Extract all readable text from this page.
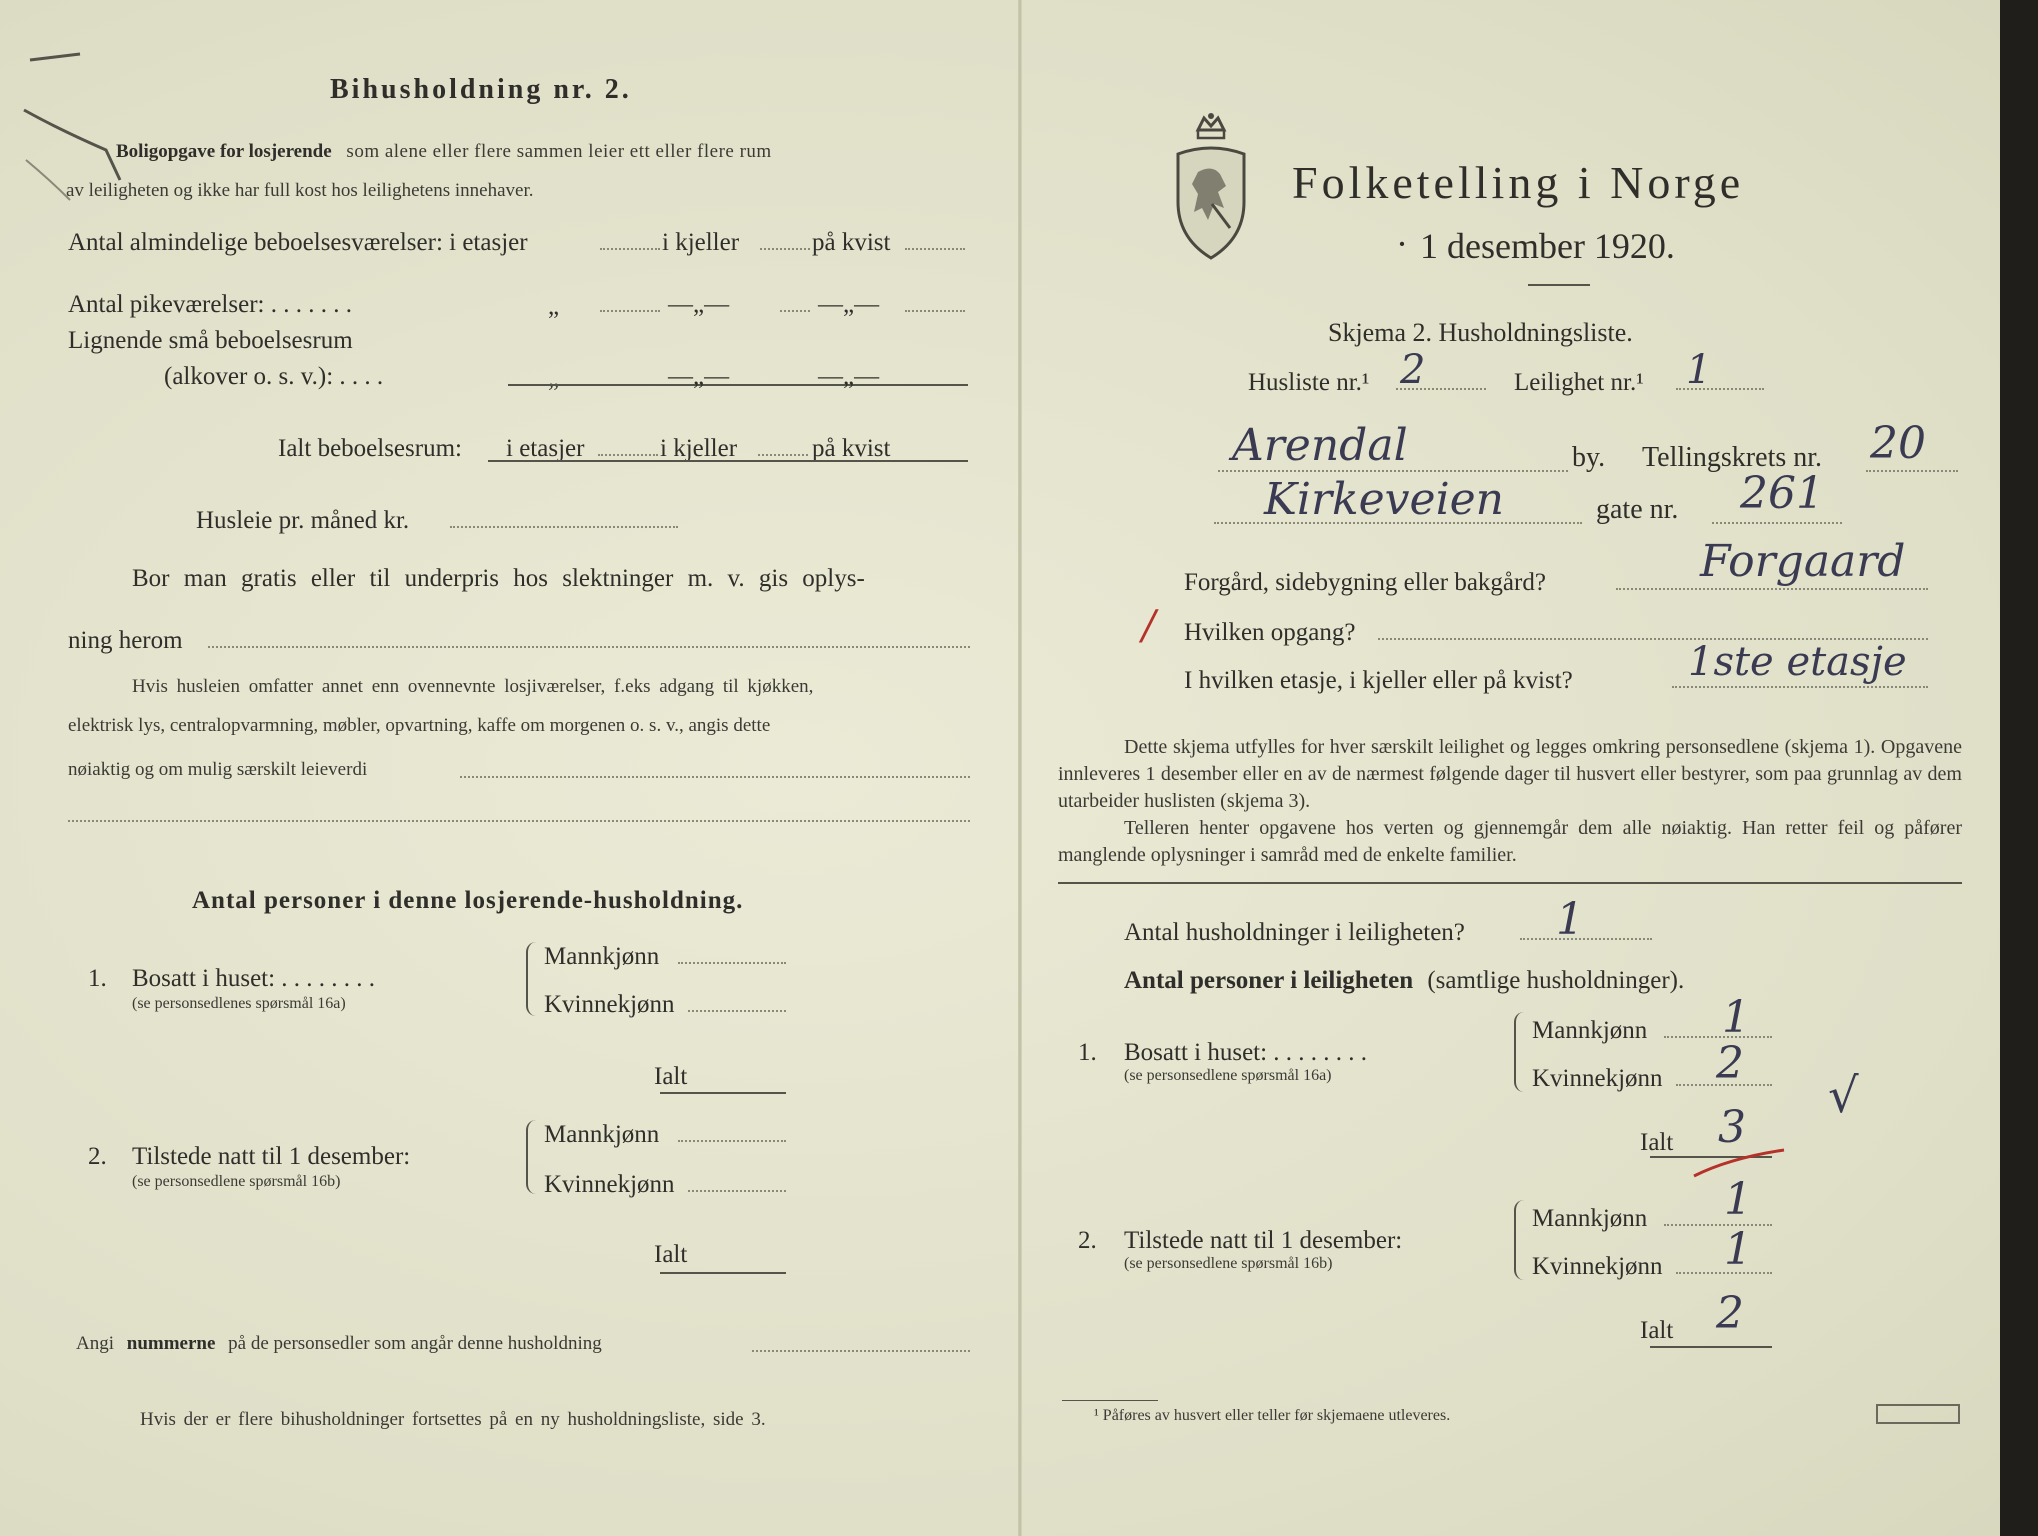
Bihusholdning nr. 2.
Boligopgave for losjerende som alene eller flere sammen leier ett eller flere rum
av leiligheten og ikke har full kost hos leilighetens innehaver.
Antal almindelige beboelsesværelser: i etasjer	i kjeller	på kvist
Antal pikeværelser: . . . . . . .	„	—„—	—„—
Lignende små beboelsesrum
(alkover o. s. v.): . . . .	„	—„—	—„—
Ialt beboelsesrum: i etasjer	i kjeller	på kvist
Husleie pr. måned kr.
Bor man gratis eller til underpris hos slektninger m. v. gis oplys-
ning herom
Hvis husleien omfatter annet enn ovennevnte losjiværelser, f.eks adgang til kjøkken,
elektrisk lys, centralopvarmning, møbler, opvartning, kaffe om morgenen o. s. v., angis dette
nøiaktig og om mulig særskilt leieverdi
Antal personer i denne losjerende-husholdning.
1. Bosatt i huset: . . . . . . . .
(se personsedlenes spørsmål 16a)
Mannkjønn
Kvinnekjønn
Ialt
2. Tilstede natt til 1 desember:
(se personsedlene spørsmål 16b)
Mannkjønn
Kvinnekjønn
Ialt
Angi nummerne på de personsedler som angår denne husholdning
Hvis der er flere bihusholdninger fortsettes på en ny husholdningsliste, side 3.
Folketelling i Norge
· 1 desember 1920.
Skjema 2. Husholdningsliste.
Husliste nr.¹ 2	Leilighet nr.¹ 1
Arendal	by. Tellingskrets nr. 20
Kirkeveien	gate nr. 261
Forgård, sidebygning eller bakgård?	Forgaard
/ Hvilken opgang?
I hvilken etasje, i kjeller eller på kvist?	1ste etasje
Dette skjema utfylles for hver særskilt leilighet og legges omkring personsedlene (skjema 1). Opgavene innleveres 1 desember eller en av de nærmest følgende dager til husvert eller bestyrer, som paa grunnlag av dem utarbeider huslisten (skjema 3).
Telleren henter opgavene hos verten og gjennemgår dem alle nøiaktig. Han retter feil og påfører manglende oplysninger i samråd med de enkelte familier.
Antal husholdninger i leiligheten? 1
Antal personer i leiligheten (samtlige husholdninger).
1. Bosatt i huset: . . . . . . . .
(se personsedlene spørsmål 16a)
Mannkjønn 1
Kvinnekjønn 2
√
Ialt 3
2. Tilstede natt til 1 desember:
(se personsedlene spørsmål 16b)
Mannkjønn 1
Kvinnekjønn 1
Ialt 2
¹ Påføres av husvert eller teller før skjemaene utleveres.
